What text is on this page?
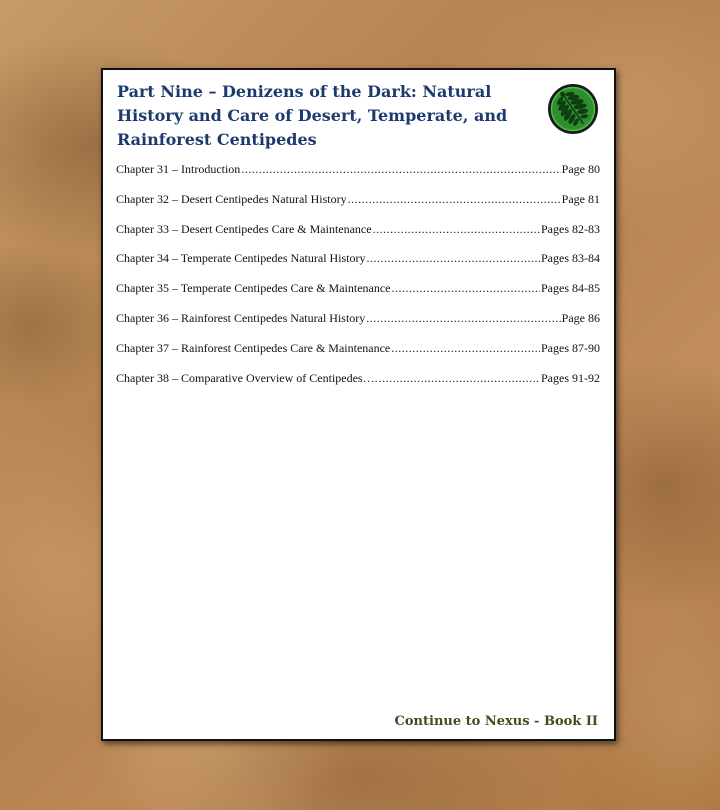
Part Nine – Denizens of the Dark: Natural History and Care of Desert, Temperate, and Rainforest Centipedes
Chapter 31 – Introduction .....	Page 80
Chapter 32 – Desert Centipedes Natural History .....	Page 81
Chapter 33 – Desert Centipedes Care & Maintenance .....	Pages 82-83
Chapter 34 – Temperate Centipedes Natural History .....	Pages 83-84
Chapter 35 – Temperate Centipedes Care & Maintenance .....	Pages 84-85
Chapter 36 – Rainforest Centipedes Natural History .....	Page 86
Chapter 37 – Rainforest Centipedes Care & Maintenance .....	Pages 87-90
Chapter 38 – Comparative Overview of Centipedes…. .....	Pages 91-92
Continue to Nexus - Book II
